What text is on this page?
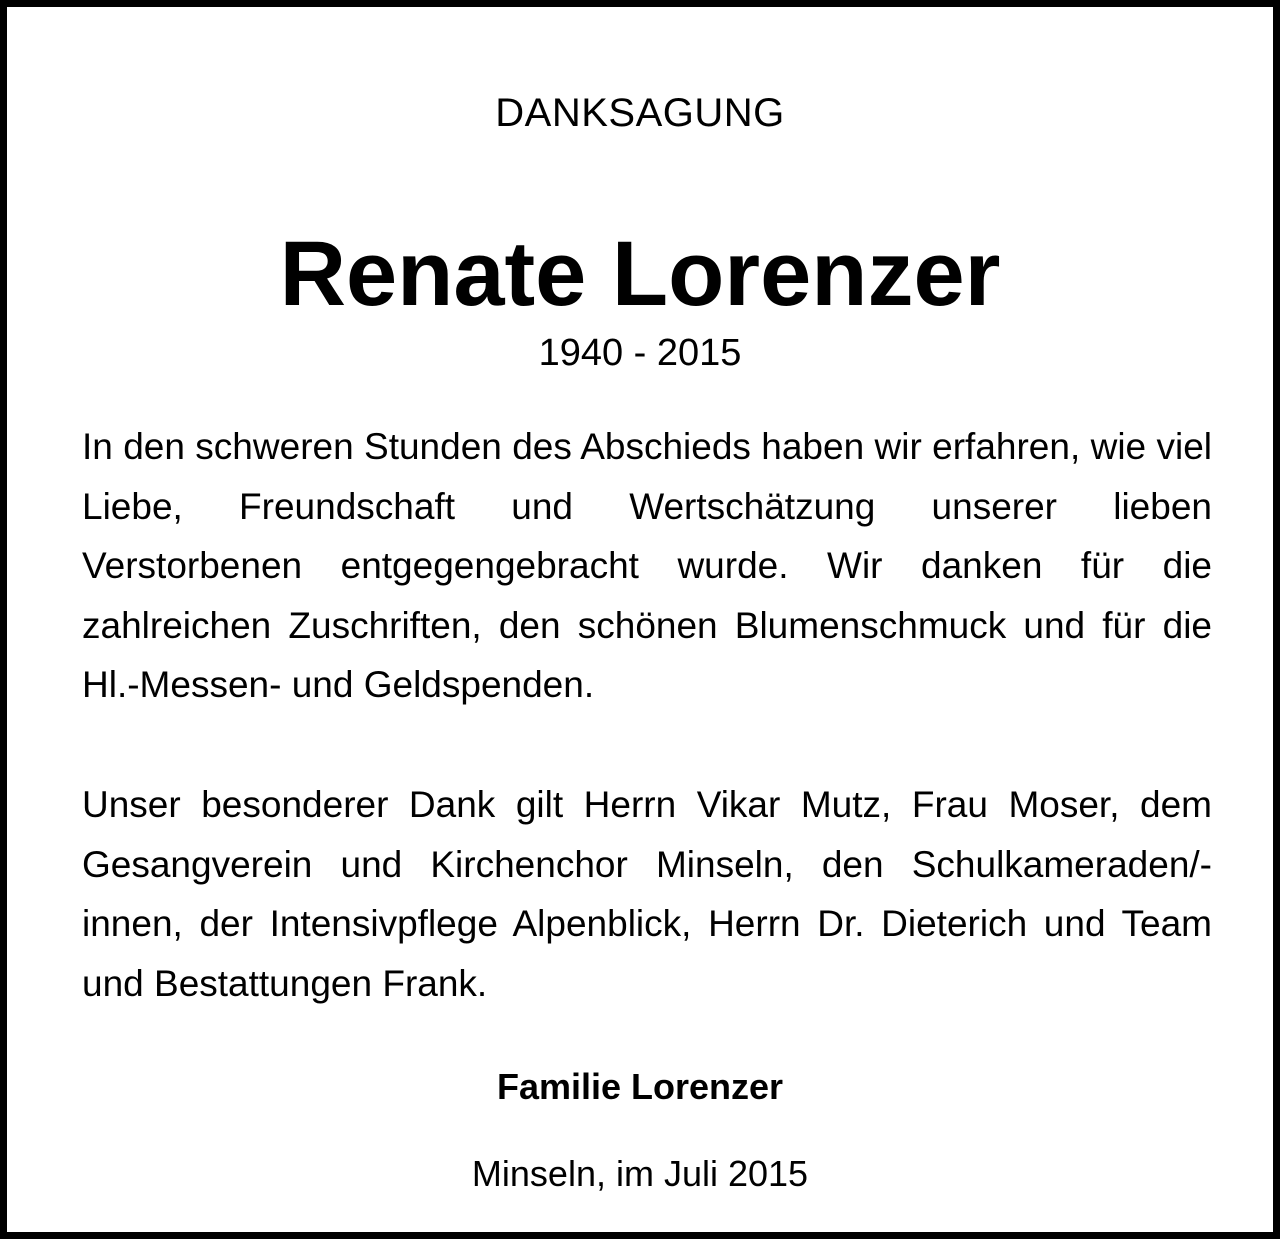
DANKSAGUNG
Renate Lorenzer
1940 - 2015

In den schweren Stunden des Abschieds haben wir erfahren, wie viel Liebe, Freundschaft und Wertschätzung unserer lieben Verstorbenen entgegengebracht wurde. Wir danken für die zahlreichen Zuschriften, den schönen Blumenschmuck und für die Hl.-Messen- und Geldspenden.

Unser besonderer Dank gilt Herrn Vikar Mutz, Frau Moser, dem Gesangverein und Kirchenchor Minseln, den Schulkameraden/-innen, der Intensivpflege Alpenblick, Herrn Dr. Dieterich und Team und Bestattungen Frank.

Familie Lorenzer
Minseln, im Juli 2015
